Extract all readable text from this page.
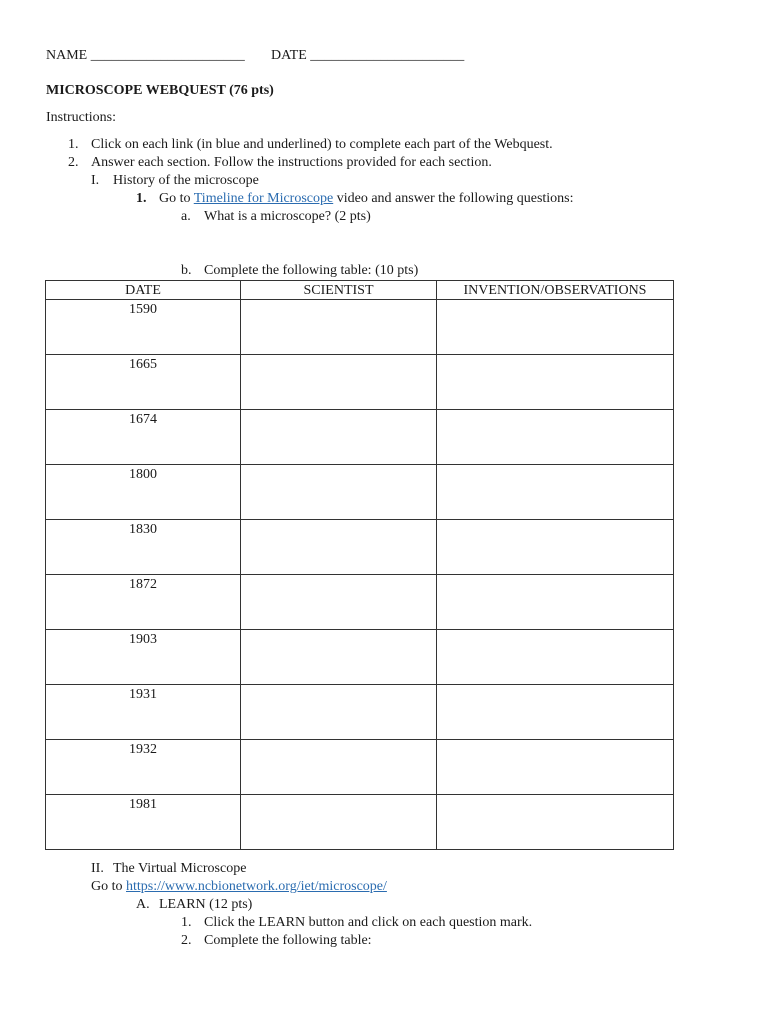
NAME ______________________ DATE ______________________
MICROSCOPE WEBQUEST (76 pts)
Instructions:
1. Click on each link (in blue and underlined) to complete each part of the Webquest.
2. Answer each section. Follow the instructions provided for each section.
I. History of the microscope
1. Go to Timeline for Microscope video and answer the following questions:
a. What is a microscope? (2 pts)
b. Complete the following table: (10 pts)
DATE	SCIENTIST	INVENTION/OBSERVATIONS
1590		
1665		
1674		
1800		
1830		
1872		
1903		
1931		
1932		
1981		
II. The Virtual Microscope
Go to https://www.ncbionetwork.org/iet/microscope/
A. LEARN (12 pts)
1. Click the LEARN button and click on each question mark.
2. Complete the following table:
